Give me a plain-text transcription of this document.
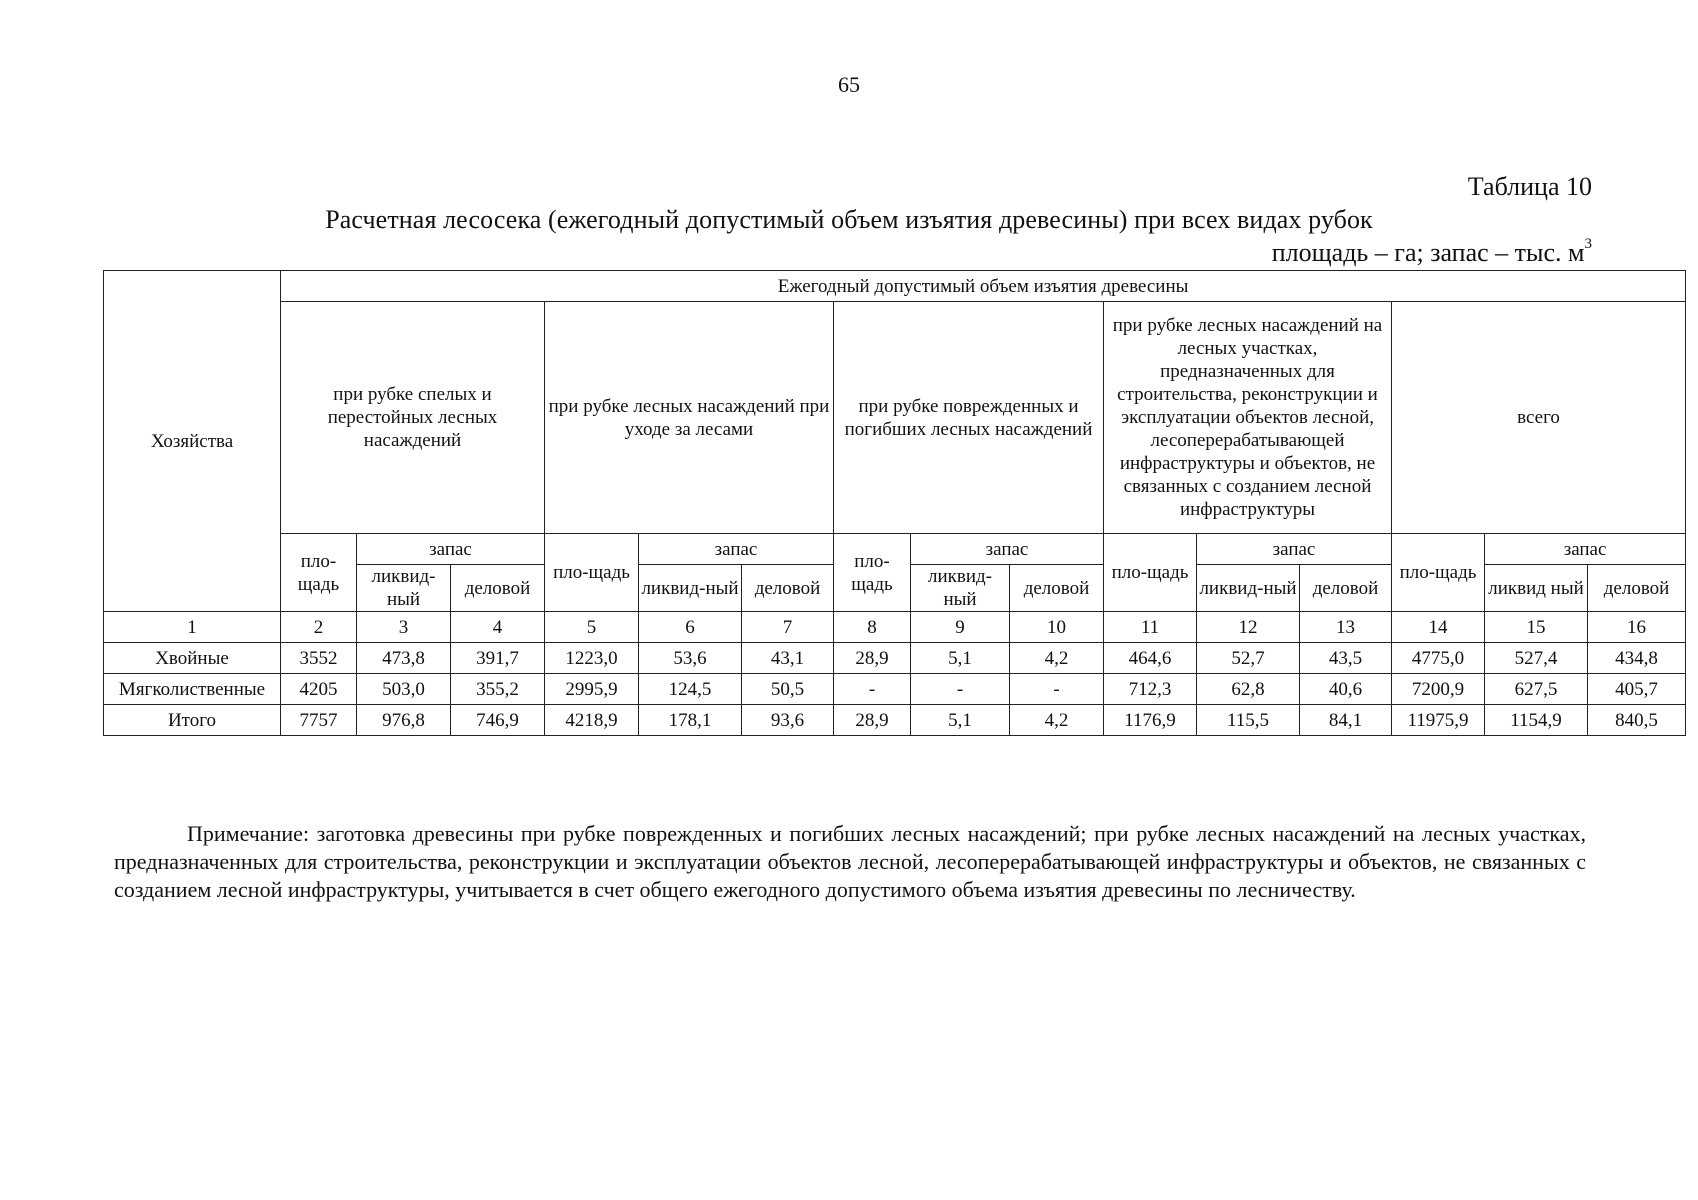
65
Таблица 10
Расчетная лесосека (ежегодный допустимый объем изъятия древесины) при всех видах рубок
площадь – га; запас – тыс. $м^3$
Хозяйства	Ежегодный допустимый объем изъятия древесины														
	при рубке спелых и перестойных лесных насаждений			при рубке лесных насаждений при уходе за лесами			при рубке поврежденных и погибших лесных насаждений			при рубке лесных насаждений на лесных участках, предназначенных для строительства, реконструкции и эксплуатации объектов лесной, лесоперерабатывающей инфраструктуры и объектов, не связанных с созданием лесной инфраструктуры			всего		
	пло-щадь	запас		пло-щадь	запас		пло-щадь	запас		пло-щадь	запас		пло-щадь	запас	
		ликвид-ный	деловой		ликвид-ный	деловой		ликвид-ный	деловой		ликвид-ный	деловой		ликвид ный	деловой
1	2	3	4	5	6	7	8	9	10	11	12	13	14	15	16
Хвойные	3552	473,8	391,7	1223,0	53,6	43,1	28,9	5,1	4,2	464,6	52,7	43,5	4775,0	527,4	434,8
Мягколиственные	4205	503,0	355,2	2995,9	124,5	50,5	-	-	-	712,3	62,8	40,6	7200,9	627,5	405,7
Итого	7757	976,8	746,9	4218,9	178,1	93,6	28,9	5,1	4,2	1176,9	115,5	84,1	11975,9	1154,9	840,5

Примечание: заготовка древесины при рубке поврежденных и погибших лесных насаждений; при рубке лесных насаждений на лесных участках, предназначенных для строительства, реконструкции и эксплуатации объектов лесной, лесоперерабатывающей инфраструктуры и объектов, не связанных с созданием лесной инфраструктуры, учитывается в счет общего ежегодного допустимого объема изъятия древесины по лесничеству.
